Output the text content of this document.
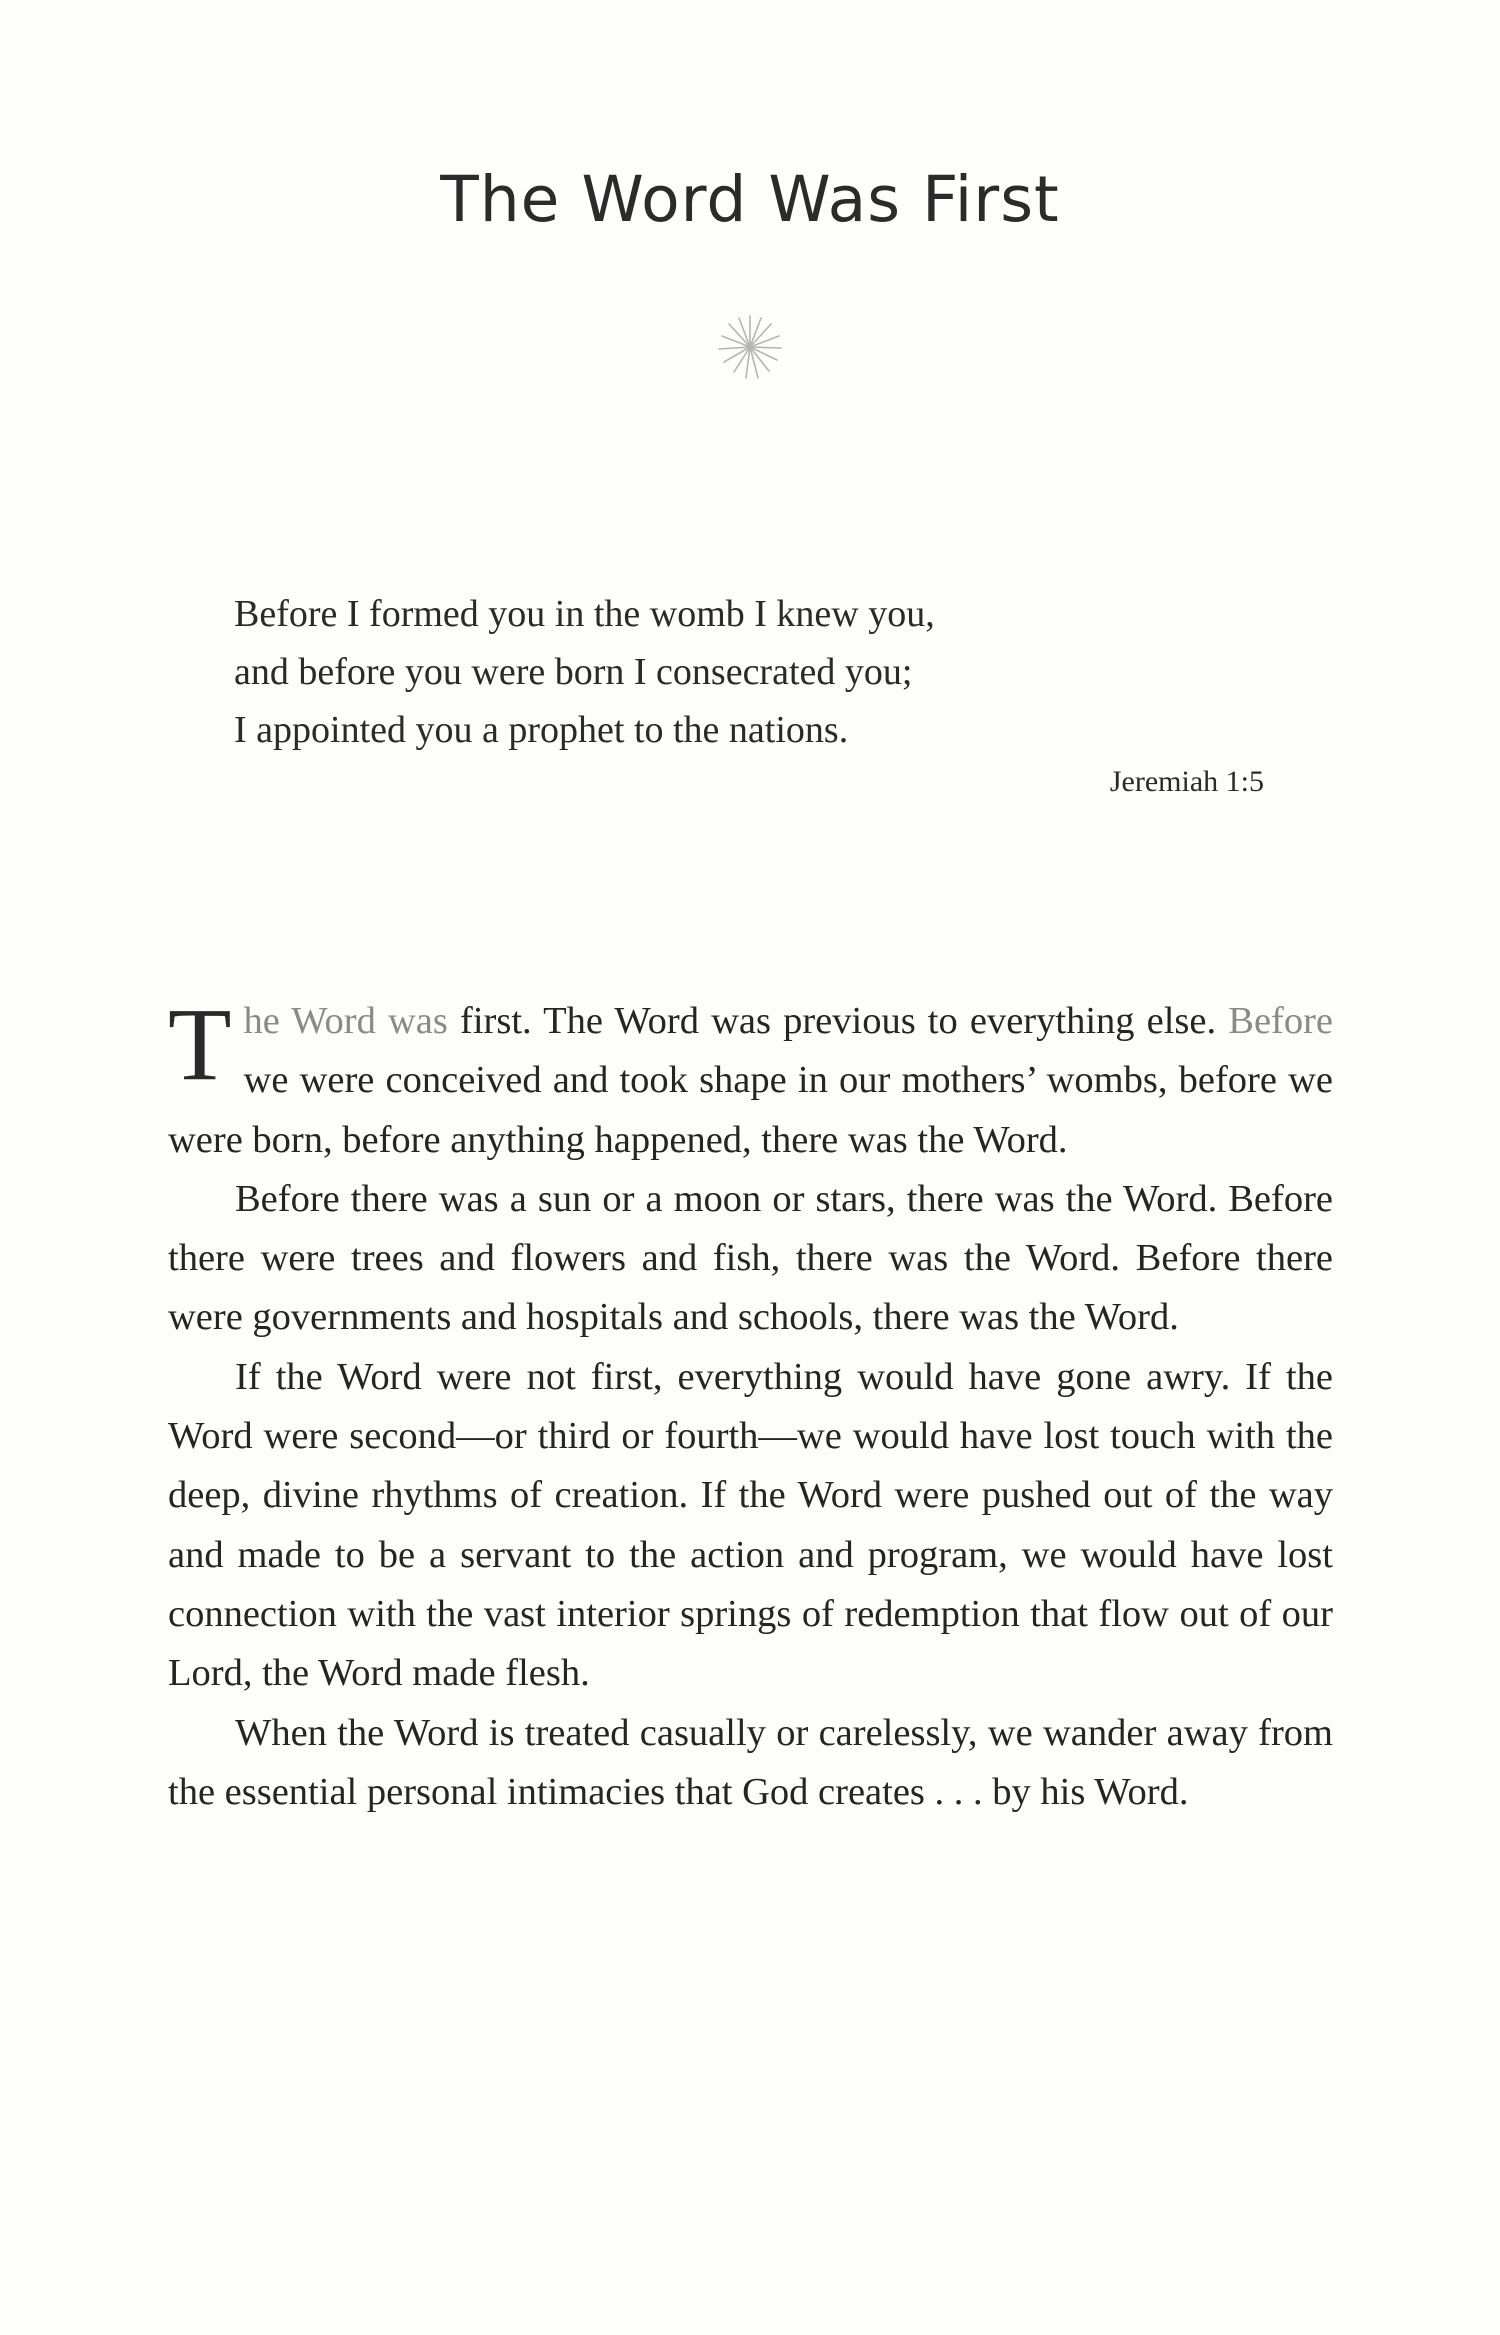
The Word Was First
Before I formed you in the womb I knew you,
and before you were born I consecrated you;
I appointed you a prophet to the nations.
Jeremiah 1:5

The Word was first. The Word was previous to everything else. Before we were conceived and took shape in our mothers’ wombs, before we were born, before anything happened, there was the Word.

Before there was a sun or a moon or stars, there was the Word. Before there were trees and flowers and fish, there was the Word. Before there were governments and hospitals and schools, there was the Word.

If the Word were not first, everything would have gone awry. If the Word were second—or third or fourth—we would have lost touch with the deep, divine rhythms of creation. If the Word were pushed out of the way and made to be a servant to the action and program, we would have lost connection with the vast interior springs of redemption that flow out of our Lord, the Word made flesh.

When the Word is treated casually or carelessly, we wander away from the essential personal intimacies that God creates . . . by his Word.
